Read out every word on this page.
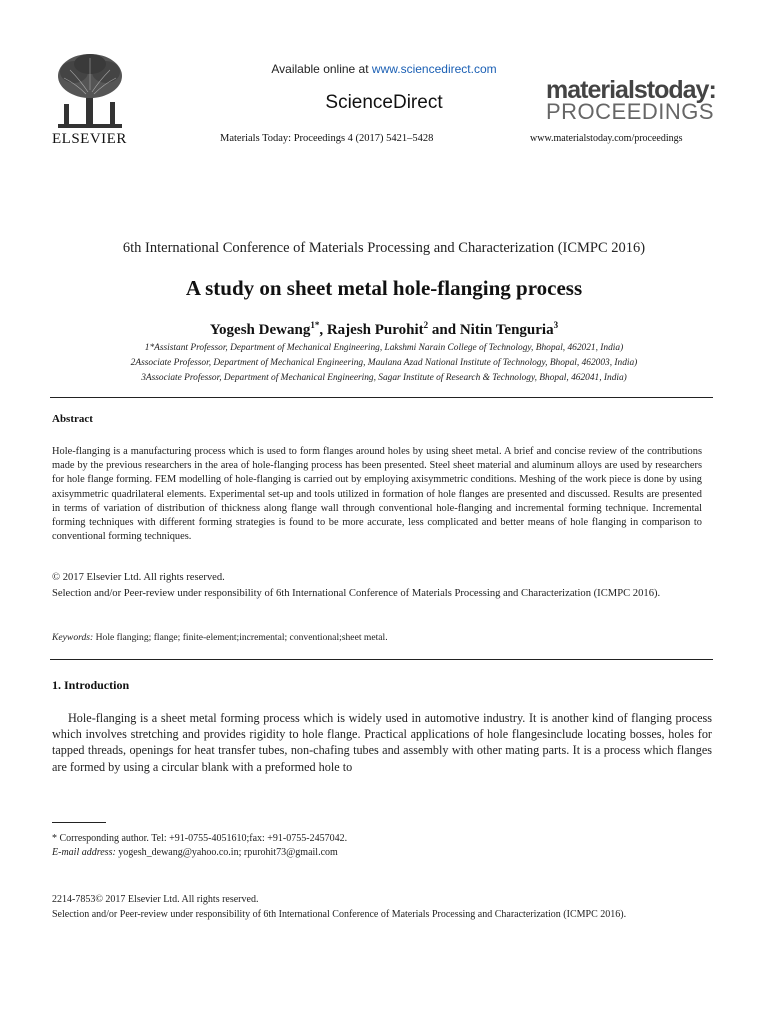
ELSEVIER
Available online at www.sciencedirect.com
ScienceDirect
Materials Today: Proceedings 4 (2017) 5421–5428
materialstoday:
PROCEEDINGS
www.materialstoday.com/proceedings
6th International Conference of Materials Processing and Characterization (ICMPC 2016)
A study on sheet metal hole-flanging process
Yogesh Dewang$^{1*}$, Rajesh Purohit$^2$ and Nitin Tenguria$^3$
1*Assistant Professor, Department of Mechanical Engineering, Lakshmi Narain College of Technology, Bhopal, 462021, India)
2Associate Professor, Department of Mechanical Engineering, Maulana Azad National Institute of Technology, Bhopal, 462003, India)
3Associate Professor, Department of Mechanical Engineering, Sagar Institute of Research & Technology, Bhopal, 462041, India)
Abstract
Hole-flanging is a manufacturing process which is used to form flanges around holes by using sheet metal. A brief and concise review of the contributions made by the previous researchers in the area of hole-flanging process has been presented. Steel sheet material and aluminum alloys are used by researchers for hole flange forming. FEM modelling of hole-flanging is carried out by employing axisymmetric conditions. Meshing of the work piece is done by using axisymmetric quadrilateral elements. Experimental set-up and tools utilized in formation of hole flanges are presented and discussed. Results are presented in terms of variation of distribution of thickness along flange wall through conventional hole-flanging and incremental forming technique. Incremental forming techniques with different forming strategies is found to be more accurate, less complicated and better means of hole flanging in comparison to conventional forming techniques.
© 2017 Elsevier Ltd. All rights reserved.
Selection and/or Peer-review under responsibility of 6th International Conference of Materials Processing and Characterization (ICMPC 2016).
Keywords: Hole flanging; flange; finite-element;incremental; conventional;sheet metal.
1. Introduction
Hole-flanging is a sheet metal forming process which is widely used in automotive industry. It is another kind of flanging process which involves stretching and provides rigidity to hole flange. Practical applications of hole flangesinclude locating bosses, holes for tapped threads, openings for heat transfer tubes, non-chafing tubes and assembly with other mating parts. It is a process which flanges are formed by using a circular blank with a preformed hole to
* Corresponding author. Tel: +91-0755-4051610;fax: +91-0755-2457042.
E-mail address: yogesh_dewang@yahoo.co.in; rpurohit73@gmail.com
2214-7853© 2017 Elsevier Ltd. All rights reserved.
Selection and/or Peer-review under responsibility of 6th International Conference of Materials Processing and Characterization (ICMPC 2016).
